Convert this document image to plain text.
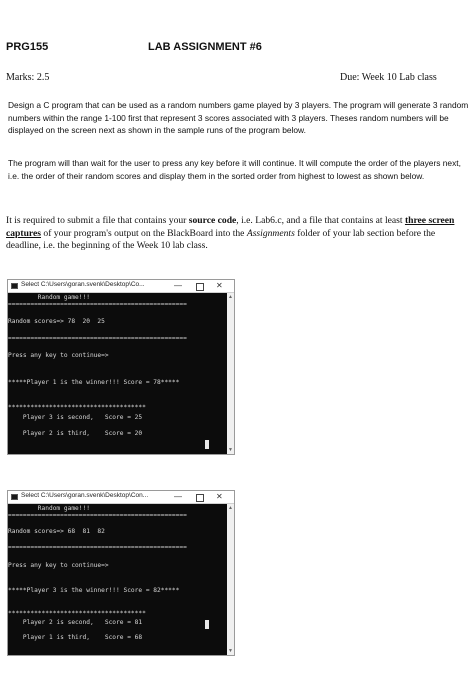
PRG155	LAB ASSIGNMENT #6
Marks: 2.5	Due: Week 10 Lab class
Design a C program that can be used as a random numbers game played by 3 players. The program will generate 3 random numbers within the range 1-100 first that represent 3 scores associated with 3 players. Theses random numbers will be displayed on the screen next as shown in the sample runs of the program below.
The program will than wait for the user to press any key before it will continue. It will compute the order of the players next, i.e. the order of their random scores and display them in the sorted order from highest to lowest as shown below.
It is required to submit a file that contains your source code, i.e. Lab6.c, and a file that contains at least three screen captures of your program's output on the BlackBoard into the Assignments folder of your lab section before the deadline, i.e. the beginning of the Week 10 lab class.
Select C:\Users\goran.svenk\Desktop\Co...	—	✕
▲
▼
Random game!!!
================================================
Random scores=> 78  20  25
================================================
Press any key to continue=>
*****Player 1 is the winner!!! Score = 78*****
*************************************
Player 3 is second,   Score = 25
Player 2 is third,    Score = 20
Select C:\Users\goran.svenk\Desktop\Con...	—	✕
▲
▼
Random game!!!
================================================
Random scores=> 68  81  82
================================================
Press any key to continue=>
*****Player 3 is the winner!!! Score = 82*****
*************************************
Player 2 is second,   Score = 81
Player 1 is third,    Score = 68
